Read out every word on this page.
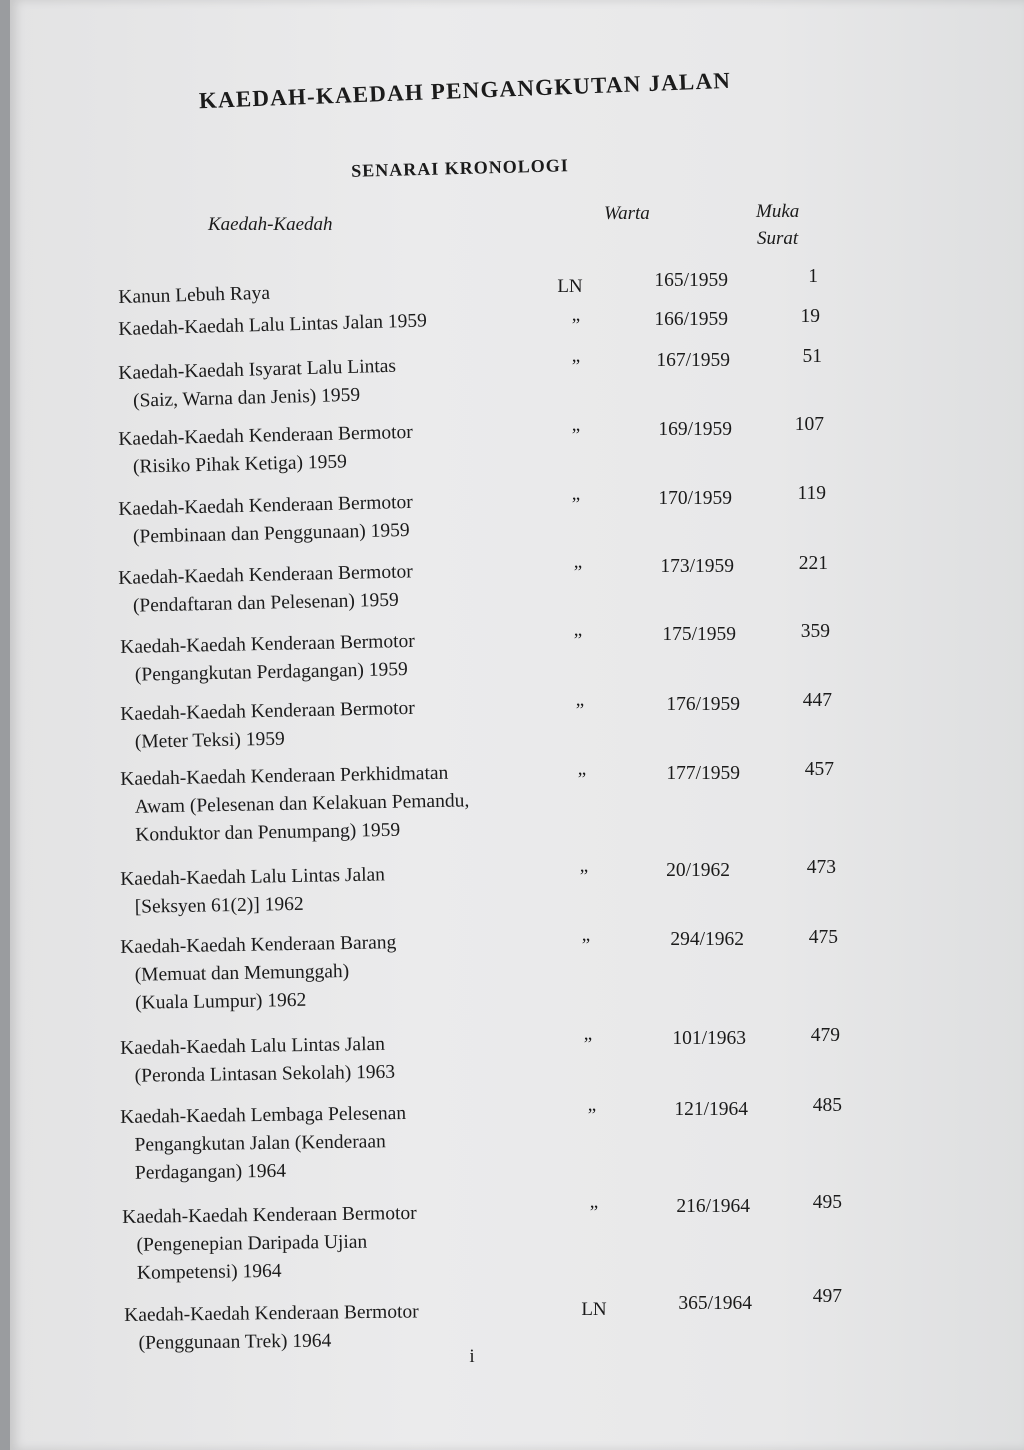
KAEDAH-KAEDAH PENGANGKUTAN JALAN
SENARAI KRONOLOGI
Kaedah-Kaedah
Warta	Muka
Surat
Kanun Lebuh Raya	LN	165/1959	1
Kaedah-Kaedah Lalu Lintas Jalan 1959	”	166/1959	19
Kaedah-Kaedah Isyarat Lalu Lintas
(Saiz, Warna dan Jenis) 1959
”	167/1959	51
Kaedah-Kaedah Kenderaan Bermotor
(Risiko Pihak Ketiga) 1959
”	169/1959	107
Kaedah-Kaedah Kenderaan Bermotor
(Pembinaan dan Penggunaan) 1959
”	170/1959	119
Kaedah-Kaedah Kenderaan Bermotor
(Pendaftaran dan Pelesenan) 1959
”	173/1959	221
Kaedah-Kaedah Kenderaan Bermotor
(Pengangkutan Perdagangan) 1959
”	175/1959	359
Kaedah-Kaedah Kenderaan Bermotor
(Meter Teksi) 1959
”	176/1959	447
Kaedah-Kaedah Kenderaan Perkhidmatan
Awam (Pelesenan dan Kelakuan Pemandu,
Konduktor dan Penumpang) 1959
”	177/1959	457
Kaedah-Kaedah Lalu Lintas Jalan
[Seksyen 61(2)] 1962
”	20/1962	473
Kaedah-Kaedah Kenderaan Barang
(Memuat dan Memunggah)
(Kuala Lumpur) 1962
”	294/1962	475
Kaedah-Kaedah Lalu Lintas Jalan
(Peronda Lintasan Sekolah) 1963
”	101/1963	479
Kaedah-Kaedah Lembaga Pelesenan
Pengangkutan Jalan (Kenderaan
Perdagangan) 1964
”	121/1964	485
Kaedah-Kaedah Kenderaan Bermotor
(Pengenepian Daripada Ujian
Kompetensi) 1964
”	216/1964	495
Kaedah-Kaedah Kenderaan Bermotor
(Penggunaan Trek) 1964
LN	365/1964	497
i
